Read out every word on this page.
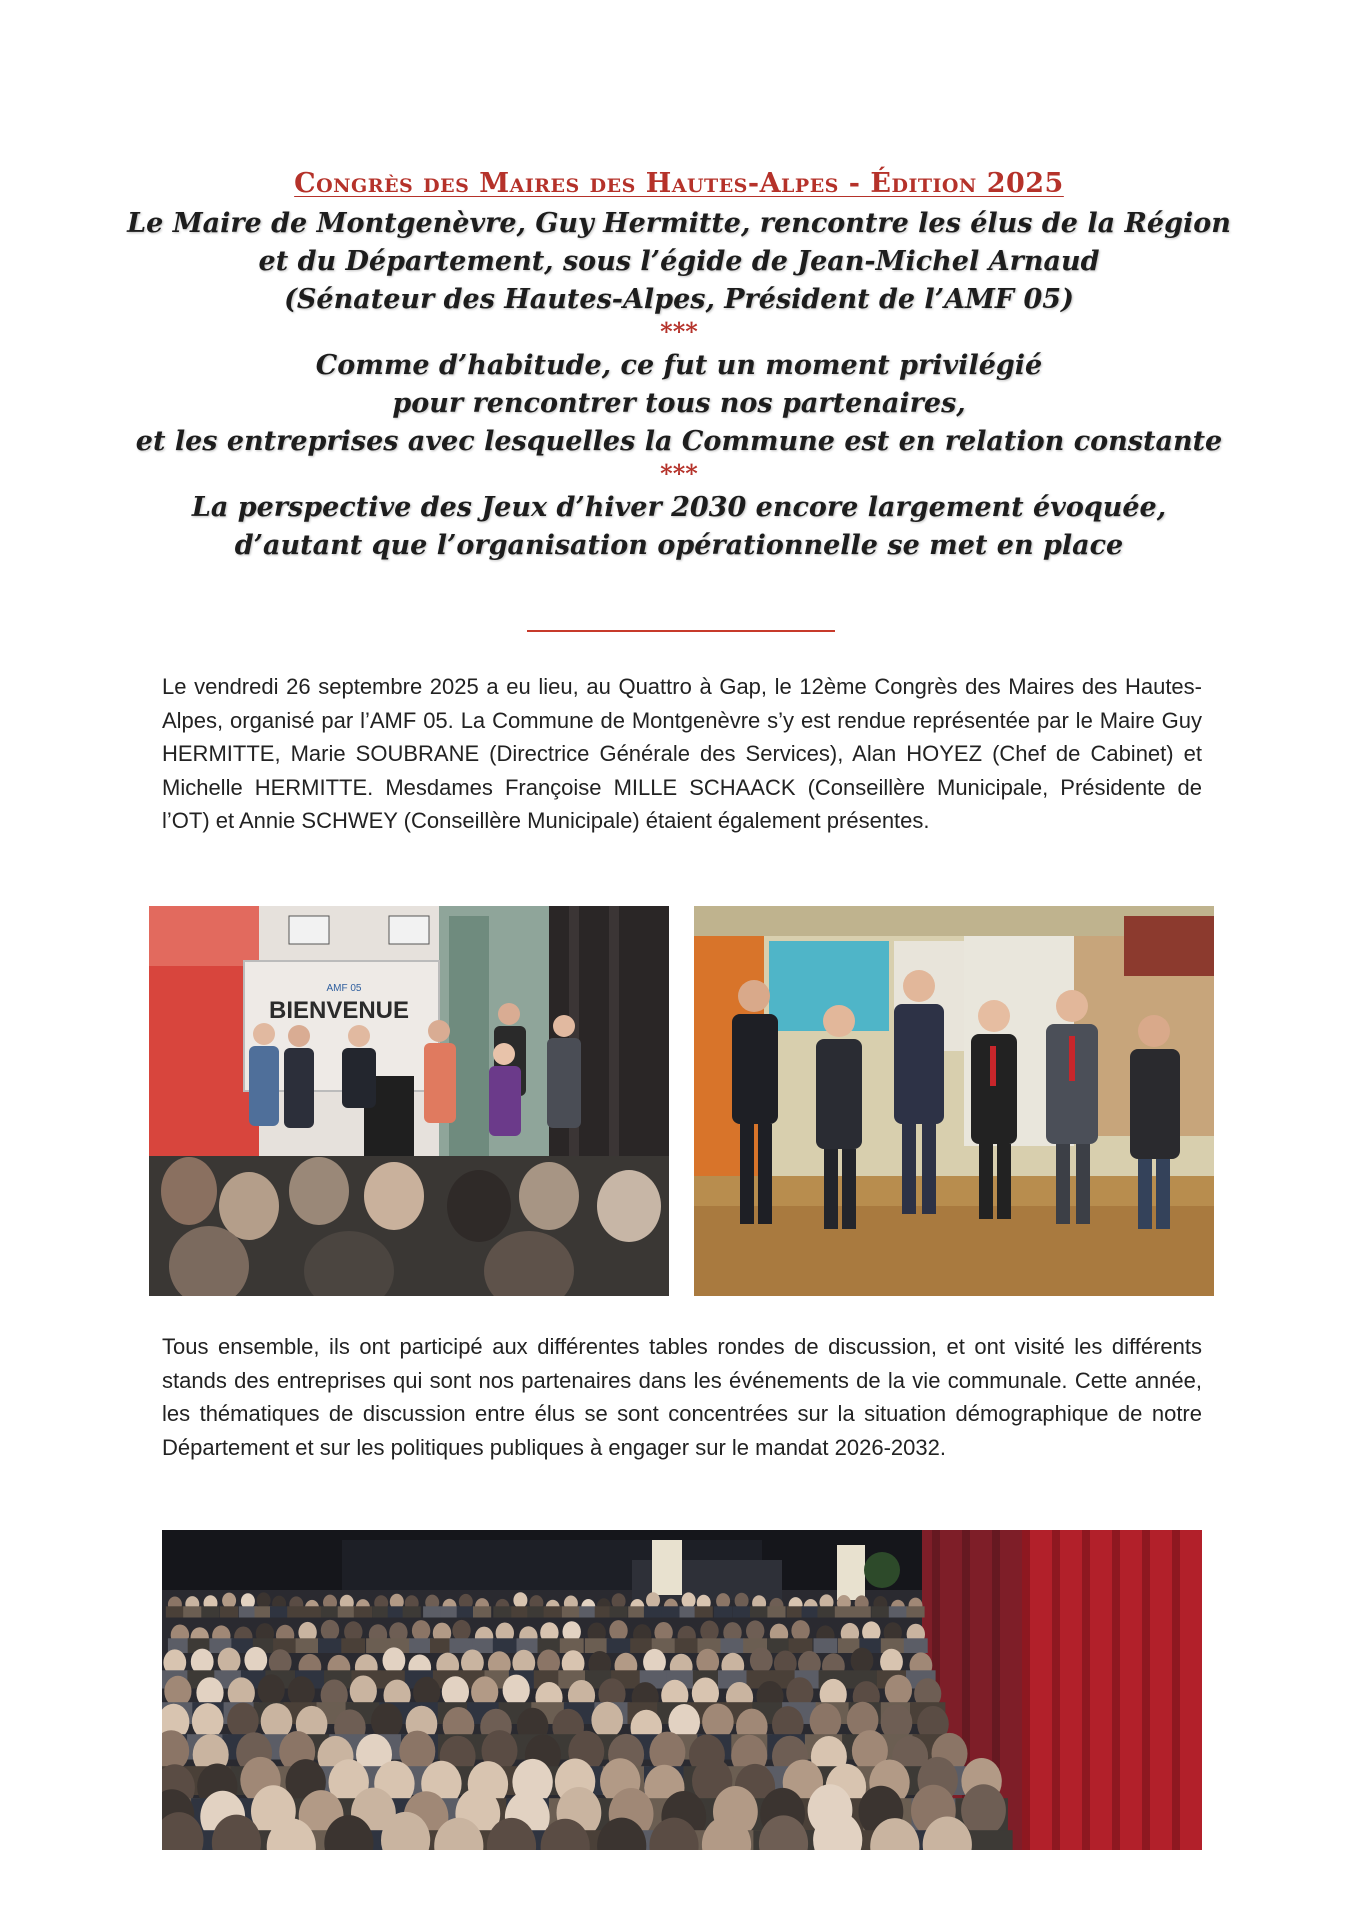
Congrès des Maires des Hautes-Alpes - Édition 2025
Le Maire de Montgenèvre, Guy Hermitte, rencontre les élus de la Région
et du Département, sous l’égide de Jean-Michel Arnaud
(Sénateur des Hautes-Alpes, Président de l’AMF 05)
***
Comme d’habitude, ce fut un moment privilégié
pour rencontrer tous nos partenaires,
et les entreprises avec lesquelles la Commune est en relation constante
***
La perspective des Jeux d’hiver 2030 encore largement évoquée,
d’autant que l’organisation opérationnelle se met en place
Le vendredi 26 septembre 2025 a eu lieu, au Quattro à Gap, le 12ème Congrès des Maires des Hautes-Alpes, organisé par l’AMF 05. La Commune de Montgenèvre s’y est rendue représentée par le Maire Guy HERMITTE, Marie SOUBRANE (Directrice Générale des Services), Alan HOYEZ (Chef de Cabinet) et Michelle HERMITTE. Mesdames Françoise MILLE SCHAACK (Conseillère Municipale, Présidente de l’OT) et Annie SCHWEY (Conseillère Municipale) étaient également présentes.
AMF 05
BIENVENUE
Tous ensemble, ils ont participé aux différentes tables rondes de discussion, et ont visité les différents stands des entreprises qui sont nos partenaires dans les événements de la vie communale. Cette année, les thématiques de discussion entre élus se sont concentrées sur la situation démographique de notre Département et sur les politiques publiques à engager sur le mandat 2026-2032.
